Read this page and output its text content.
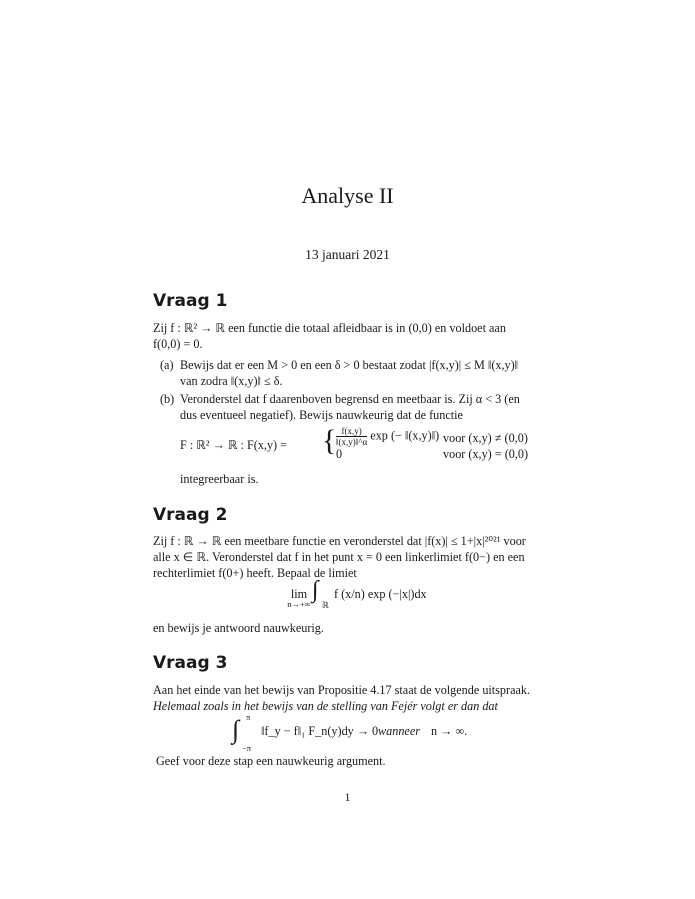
Analyse II
13 januari 2021
Vraag 1
Zij f : ℝ² → ℝ een functie die totaal afleidbaar is in (0,0) en voldoet aan
f(0,0) = 0.
(a) Bewijs dat er een M > 0 en een δ > 0 bestaat zodat |f(x,y)| ≤ M ‖(x,y)‖
van zodra ‖(x,y)‖ ≤ δ.
(b) Veronderstel dat f daarenboven begrensd en meetbaar is. Zij α < 3 (en
dus eventueel negatief). Bewijs nauwkeurig dat de functie
F : ℝ² → ℝ : F(x,y) = { $\frac{f(x,y)}{‖(x,y)‖\^{}\alpha}$ exp (− ‖(x,y)‖) voor (x,y) ≠ (0,0)
0	voor (x,y) = (0,0)
integreerbaar is.
Vraag 2
Zij f : ℝ → ℝ een meetbare functie en veronderstel dat |f(x)| ≤ 1+|x|²⁰²¹ voor
alle x ∈ ℝ. Veronderstel dat f in het punt x = 0 een linkerlimiet f(0−) en een
rechterlimiet f(0+) heeft. Bepaal de limiet
lim
n→+∞
∫
ℝ
f (x/n) exp (−|x|)dx
en bewijs je antwoord nauwkeurig.
Vraag 3
Aan het einde van het bewijs van Propositie 4.17 staat de volgende uitspraak.
Helemaal zoals in het bewijs van de stelling van Fejér volgt er dan dat
π
∫
−π
‖f_y − f‖₁ F_n(y)dy → 0 wanneer n → ∞.
Geef voor deze stap een nauwkeurig argument.
1
